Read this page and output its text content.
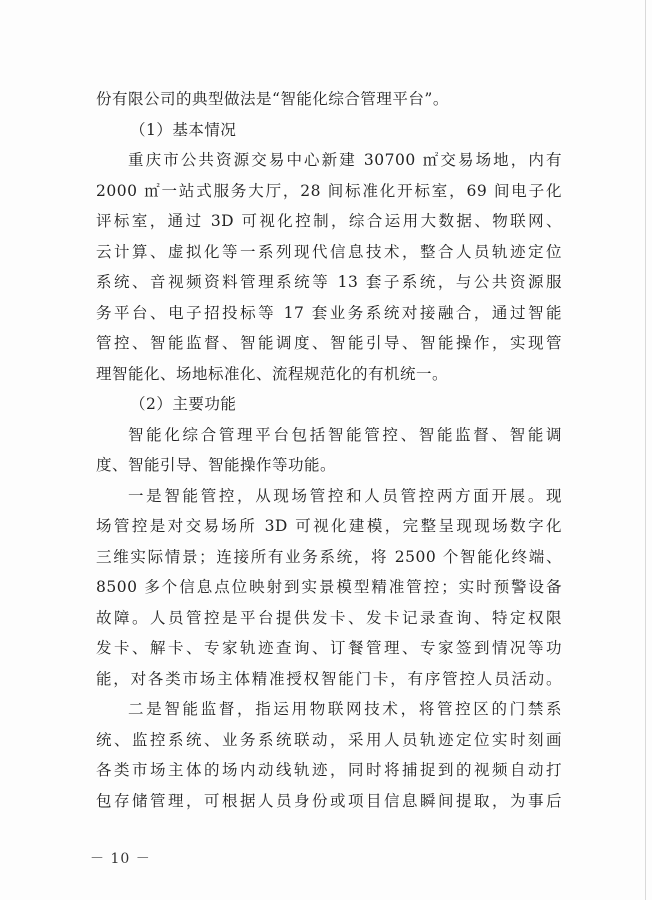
份有限公司的典型做法是“智能化综合管理平台”。
（1）基本情况
重庆市公共资源交易中心新建 30700 ㎡交易场地，内有
2000 ㎡一站式服务大厅，28 间标准化开标室，69 间电子化
评标室，通过 3D 可视化控制，综合运用大数据、物联网、
云计算、虚拟化等一系列现代信息技术，整合人员轨迹定位
系统、音视频资料管理系统等 13 套子系统，与公共资源服
务平台、电子招投标等 17 套业务系统对接融合，通过智能
管控、智能监督、智能调度、智能引导、智能操作，实现管
理智能化、场地标准化、流程规范化的有机统一。
（2）主要功能
智能化综合管理平台包括智能管控、智能监督、智能调
度、智能引导、智能操作等功能。
一是智能管控，从现场管控和人员管控两方面开展。现
场管控是对交易场所 3D 可视化建模，完整呈现现场数字化
三维实际情景；连接所有业务系统，将 2500 个智能化终端、
8500 多个信息点位映射到实景模型精准管控；实时预警设备
故障。人员管控是平台提供发卡、发卡记录查询、特定权限
发卡、解卡、专家轨迹查询、订餐管理、专家签到情况等功
能，对各类市场主体精准授权智能门卡，有序管控人员活动。
二是智能监督，指运用物联网技术，将管控区的门禁系
统、监控系统、业务系统联动，采用人员轨迹定位实时刻画
各类市场主体的场内动线轨迹，同时将捕捉到的视频自动打
包存储管理，可根据人员身份或项目信息瞬间提取，为事后
－ 10 －
